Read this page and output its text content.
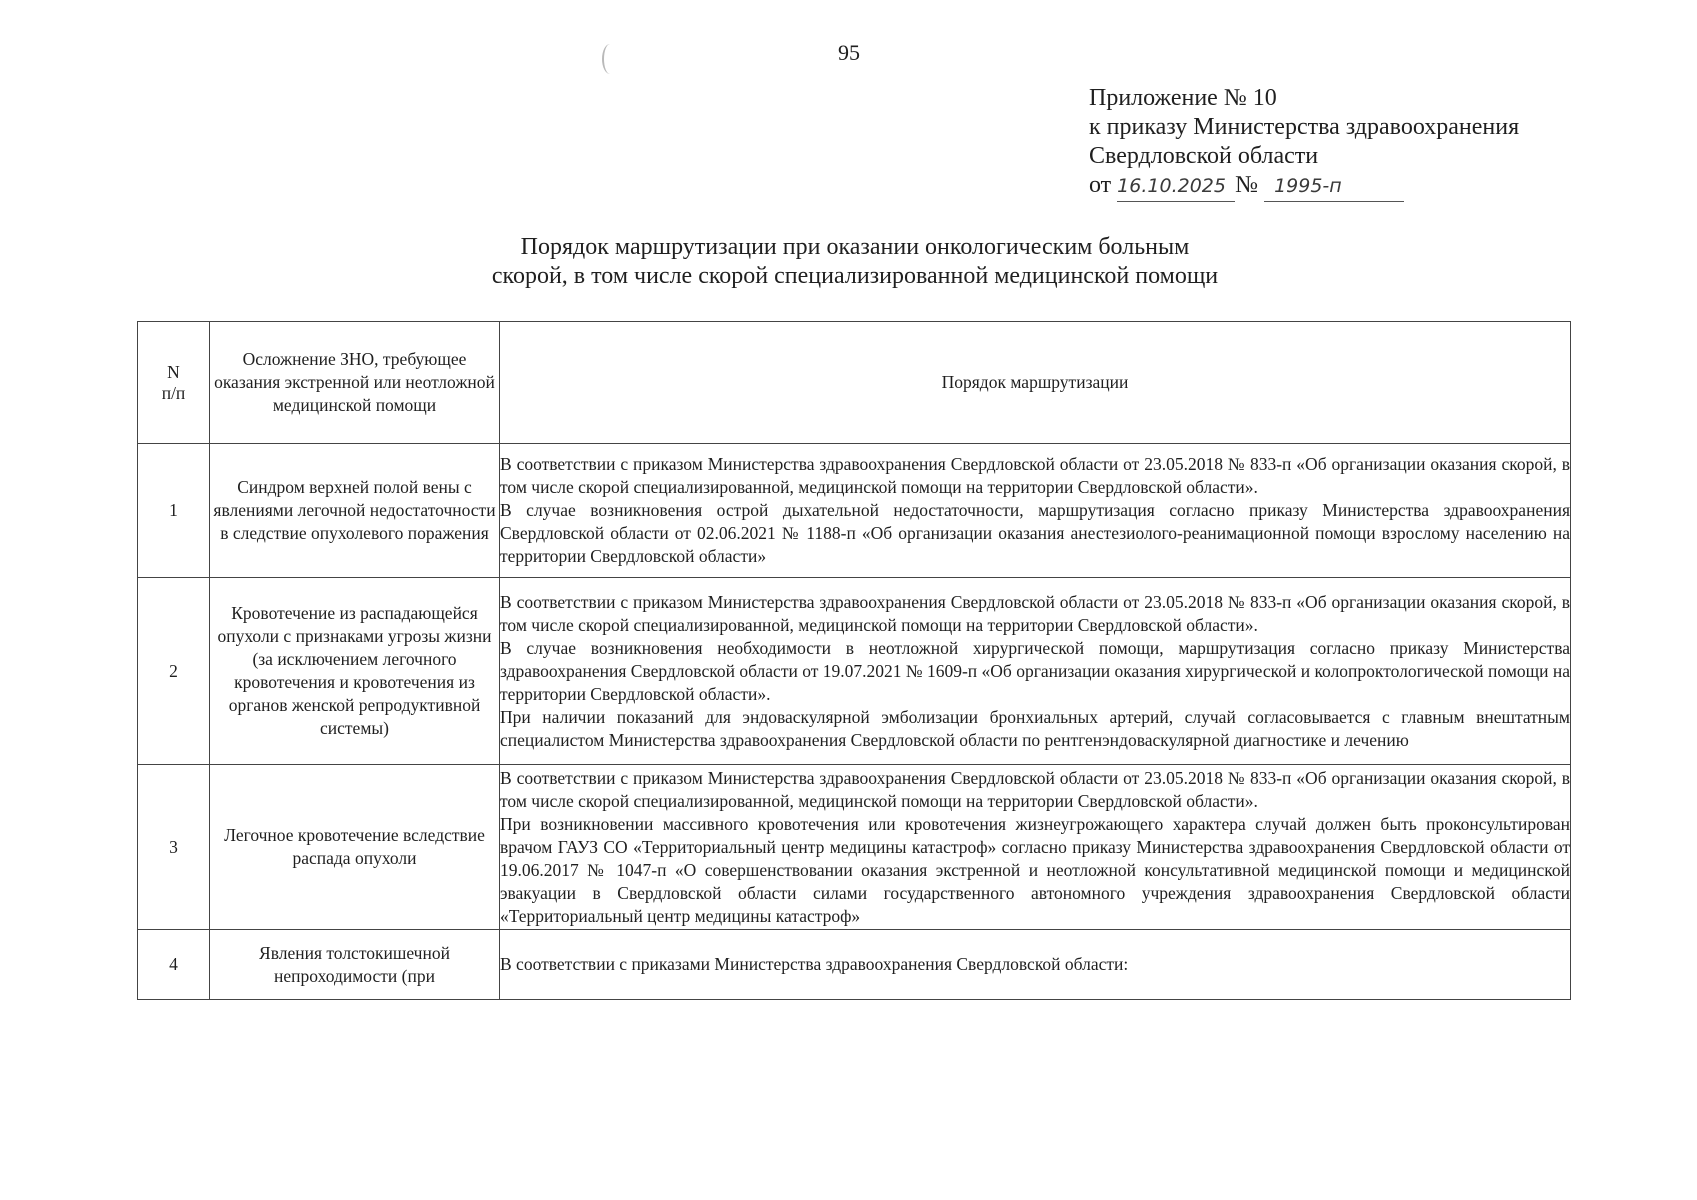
95
Приложение № 10
к приказу Министерства здравоохранения
Свердловской области
от 16.10.2025 № 1995-п
Порядок маршрутизации при оказании онкологическим больным
скорой, в том числе скорой специализированной медицинской помощи
N
п/п	Осложнение ЗНО, требующее оказания экстренной или неотложной медицинской помощи	Порядок маршрутизации
1	Синдром верхней полой вены с явлениями легочной недостаточности в следствие опухолевого поражения	В соответствии с приказом Министерства здравоохранения Свердловской области от 23.05.2018 № 833-п «Об организации оказания скорой, в том числе скорой специализированной, медицинской помощи на территории Свердловской области».

В случае возникновения острой дыхательной недостаточности, маршрутизация согласно приказу Министерства здравоохранения Свердловской области от 02.06.2021 № 1188-п «Об организации оказания анестезиолого-реанимационной помощи взрослому населению на территории Свердловской области»

2	Кровотечение из распадающейся опухоли с признаками угрозы жизни (за исключением легочного кровотечения и кровотечения из органов женской репродуктивной системы)	В соответствии с приказом Министерства здравоохранения Свердловской области от 23.05.2018 № 833-п «Об организации оказания скорой, в том числе скорой специализированной, медицинской помощи на территории Свердловской области».

В случае возникновения необходимости в неотложной хирургической помощи, маршрутизация согласно приказу Министерства здравоохранения Свердловской области от 19.07.2021 № 1609-п «Об организации оказания хирургической и колопроктологической помощи на территории Свердловской области».

При наличии показаний для эндоваскулярной эмболизации бронхиальных артерий, случай согласовывается с главным внештатным специалистом Министерства здравоохранения Свердловской области по рентгенэндоваскулярной диагностике и лечению

3	Легочное кровотечение вследствие распада опухоли	В соответствии с приказом Министерства здравоохранения Свердловской области от 23.05.2018 № 833-п «Об организации оказания скорой, в том числе скорой специализированной, медицинской помощи на территории Свердловской области».

При возникновении массивного кровотечения или кровотечения жизнеугрожающего характера случай должен быть проконсультирован врачом ГАУЗ СО «Территориальный центр медицины катастроф» согласно приказу Министерства здравоохранения Свердловской области от 19.06.2017 № 1047-п «О совершенствовании оказания экстренной и неотложной консультативной медицинской помощи и медицинской эвакуации в Свердловской области силами государственного автономного учреждения здравоохранения Свердловской области «Территориальный центр медицины катастроф»

4	Явления толстокишечной непроходимости (при	В соответствии с приказами Министерства здравоохранения Свердловской области:
